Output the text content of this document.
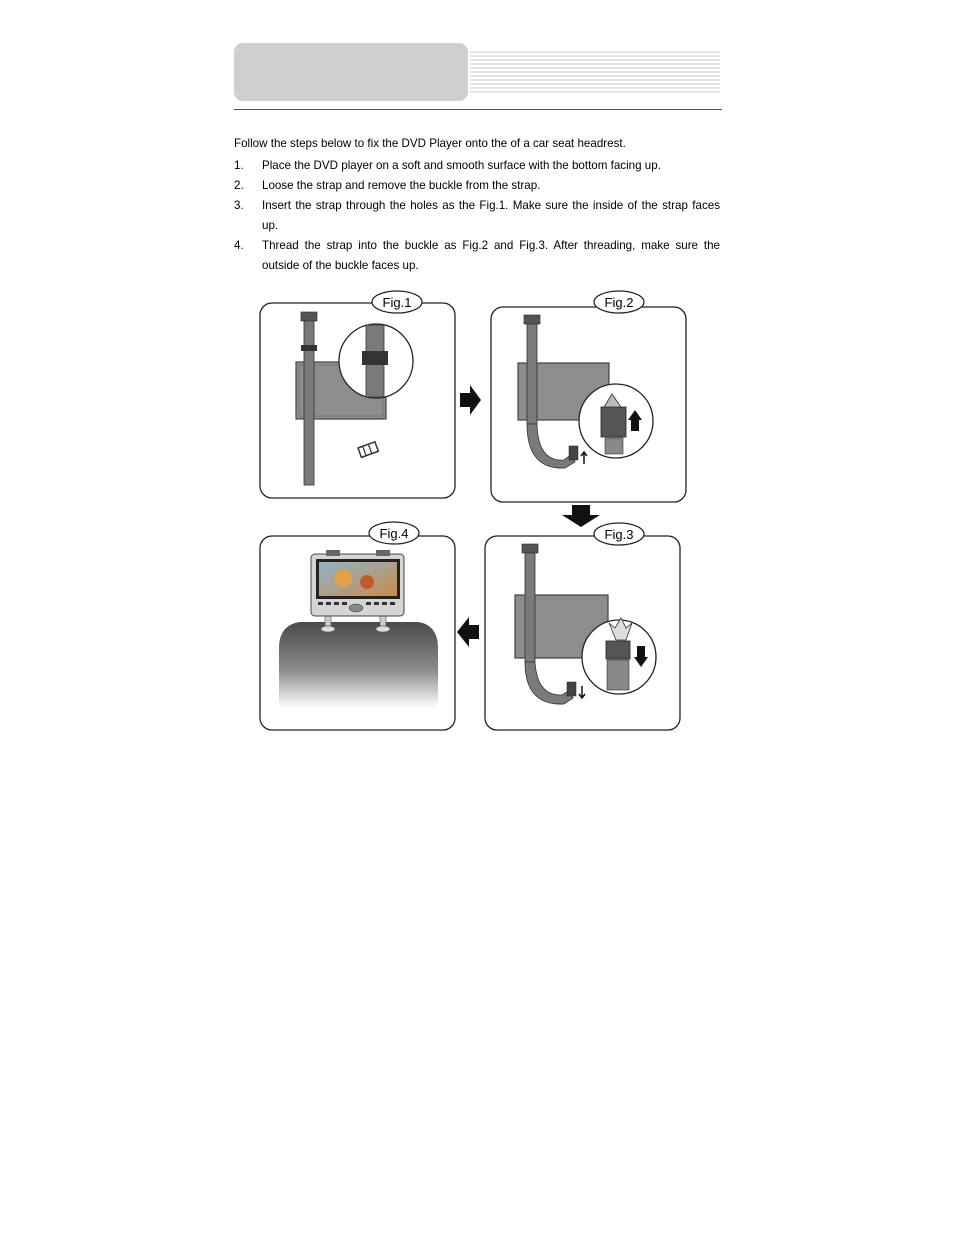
Follow the steps below to fix the DVD Player onto the of a car seat headrest.
1.	Place the DVD player on a soft and smooth surface with the bottom facing up.
2.	Loose the strap and remove the buckle from the strap.
3.	Insert the strap through the holes as the Fig.1. Make sure the inside of the strap faces up.
4.	Thread the strap into the buckle as Fig.2 and Fig.3. After threading, make sure the outside of the buckle faces up.
Fig.1	Fig.2
Fig.3
Fig.4
